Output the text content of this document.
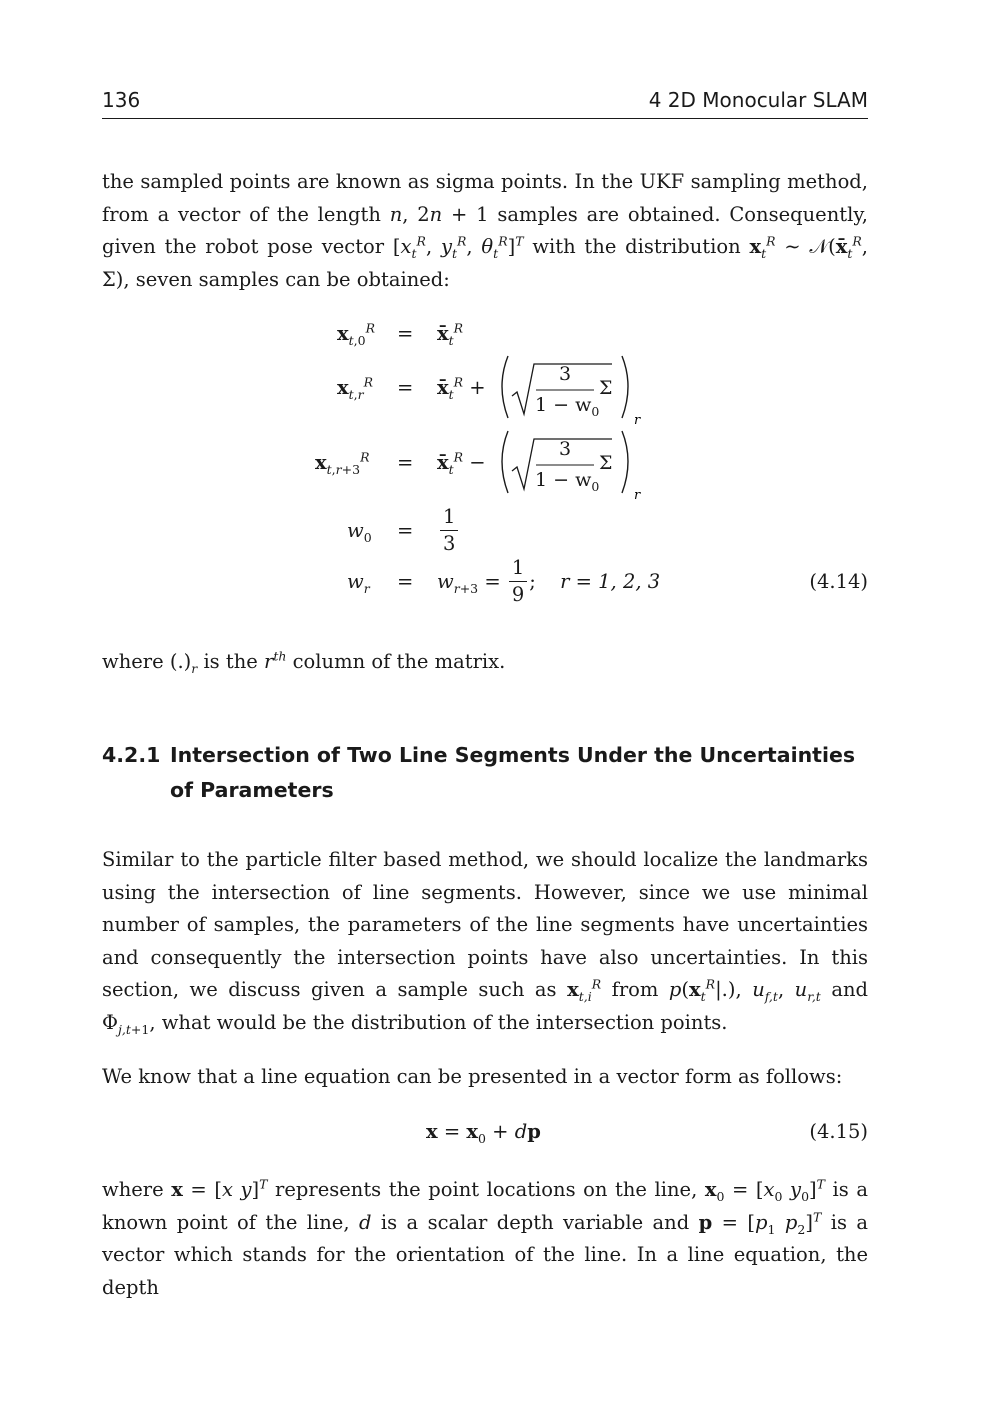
136	4 2D Monocular SLAM

the sampled points are known as sigma points. In the UKF sampling method, from a vector of the length n, 2n + 1 samples are obtained. Consequently, given the robot pose vector [$x_t^R$, $y_t^R$, $\theta_t^R]^T$ with the distribution $x_t^R$ ∼ $𝒩(x̄_t^R$, Σ), seven samples can be obtained:

$x_{t,0}^R$ = $x̄_t^R$
$x_{t,r}^R$ = $x̄_t^R$ +
r
3
$1 - w_0$
Σ
$x_{t,r+3}^R$ = $x̄_t^R$ −
r
3
$1 - w_0$
Σ
$w_0 = \frac{1}{3}$
$w_r = w_{r+3} = \frac{1}{9}$ ; r = 1, 2, 3	(4.14)

where $(.)_r$ is the $r^{th}$ column of the matrix.

4.2.1 Intersection of Two Line Segments Under the Uncertainties of Parameters

Similar to the particle filter based method, we should localize the landmarks using the intersection of line segments. However, since we use minimal number of samples, the parameters of the line segments have uncertainties and consequently the intersection points have also uncertainties. In this section, we discuss given a sample such as $x_{t,i}^R$ from $p(x_t^R|.)$, $u_{f,t}$, $u_{r,t}$ and $\Phi_{j,t+1}$, what would be the distribution of the intersection points.

We know that a line equation can be presented in a vector form as follows:

$x = x_0$ + dp	(4.15)

where x = [x y]$^T$ represents the point locations on the line, $x_0 = [x_0$ $y_0]^T$ is a known point of the line, d is a scalar depth variable and $p = [p_1$ $p_2]^T$ is a vector which stands for the orientation of the line. In a line equation, the depth
